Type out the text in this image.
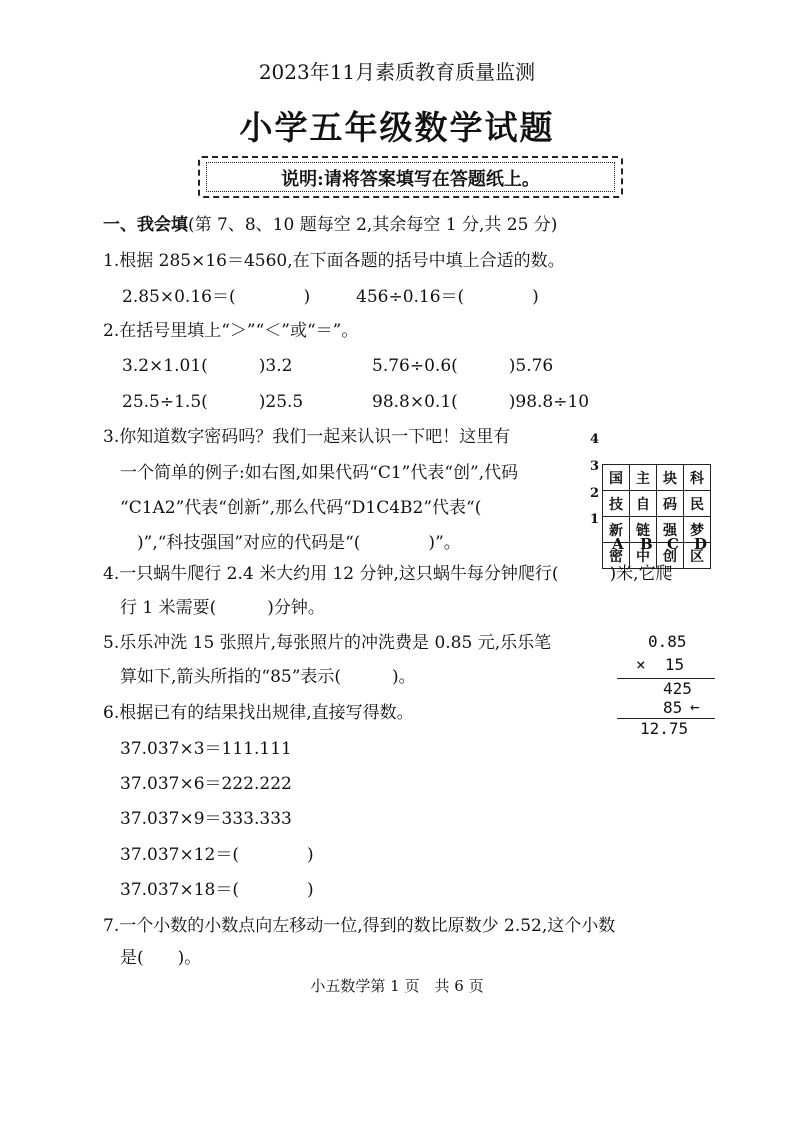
2023年11月素质教育质量监测
小学五年级数学试题

说明:请将答案填写在答题纸上。

一、我会填(第 7、8、10 题每空 2,其余每空 1 分,共 25 分)
1.根据 285×16＝4560,在下面各题的括号中填上合适的数。
2.85×0.16＝(　　　　)	456÷0.16＝(　　　　)
2.在括号里填上“＞”“＜”或“＝”。
3.2×1.01(　　　)3.2	5.76÷0.6(　　　)5.76
25.5÷1.5(　　　)25.5	98.8×0.1(　　　)98.8÷10
3.你知道数字密码吗？我们一起来认识一下吧！这里有
一个简单的例子:如右图,如果代码“C1”代表“创”,代码
“C1A2”代表“创新”,那么代码“D1C4B2”代表“(
　)”,“科技强国”对应的代码是“(　　　　)”。
4
3
2
1

国	主	块	科
技	自	码	民
新	链	强	梦
密	中	创	区

A B C D
4.一只蜗牛爬行 2.4 米大约用 12 分钟,这只蜗牛每分钟爬行(　　　)米,它爬
行 1 米需要(　　　)分钟。
5.乐乐冲洗 15 张照片,每张照片的冲洗费是 0.85 元,乐乐笔
算如下,箭头所指的“85”表示(　　　)。
0.85
×  15
425
85 ←
12.75
6.根据已有的结果找出规律,直接写得数。
37.037×3＝111.111
37.037×6＝222.222
37.037×9＝333.333
37.037×12＝(　　　　)
37.037×18＝(　　　　)
7.一个小数的小数点向左移动一位,得到的数比原数少 2.52,这个小数
是(　　)。
小五数学第 1 页　共 6 页
